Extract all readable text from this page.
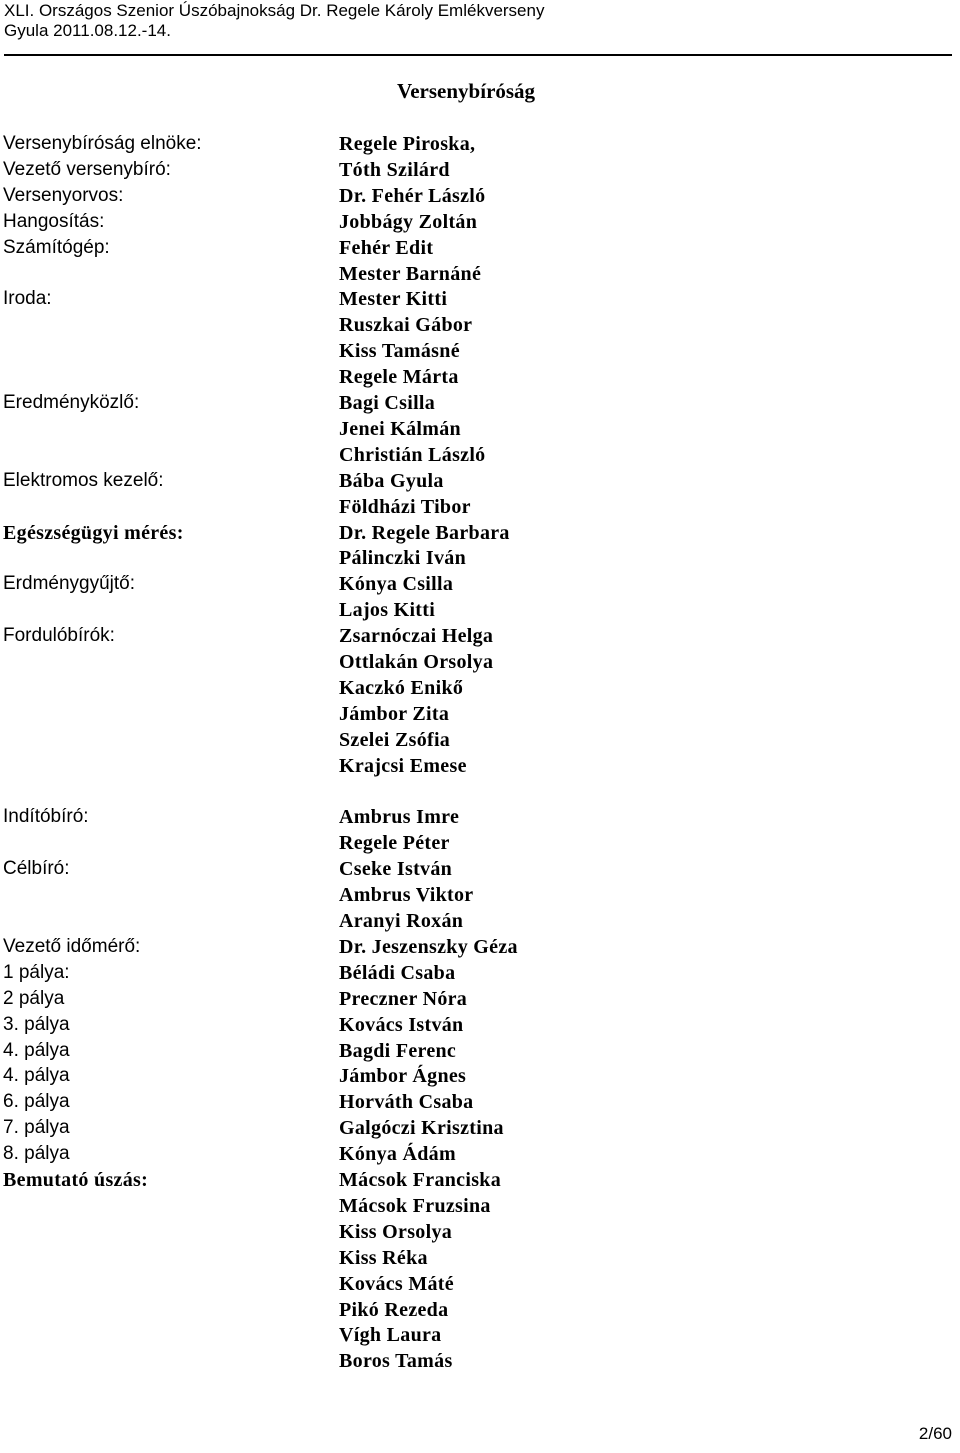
XLI. Országos Szenior Úszóbajnokság Dr. Regele Károly Emlékverseny
Gyula 2011.08.12.-14.
Versenybíróság
Versenybíróság elnöke:
Vezető versenybíró:
Versenyorvos:
Hangosítás:
Számítógép:
Iroda:
Eredményközlő:
Elektromos kezelő:
Egészségügyi mérés:
Erdménygyűjtő:
Fordulóbírók:
Indítóbíró:
Célbíró:
Vezető időmérő:
1 pálya:
2 pálya
3. pálya
4. pálya
4. pálya
6. pálya
7. pálya
8. pálya
Bemutató úszás:
Regele Piroska,
Tóth Szilárd
Dr. Fehér László
Jobbágy Zoltán
Fehér Edit
Mester Barnáné
Mester Kitti
Ruszkai Gábor
Kiss Tamásné
Regele Márta
Bagi Csilla
Jenei Kálmán
Christián László
Bába Gyula
Földházi Tibor
Dr. Regele Barbara
Pálinczki Iván
Kónya Csilla
Lajos Kitti
Zsarnóczai Helga
Ottlakán Orsolya
Kaczkó Enikő
Jámbor Zita
Szelei Zsófia
Krajcsi Emese
Ambrus Imre
Regele Péter
Cseke István
Ambrus Viktor
Aranyi Roxán
Dr. Jeszenszky Géza
Béládi Csaba
Preczner Nóra
Kovács István
Bagdi Ferenc
Jámbor Ágnes
Horváth Csaba
Galgóczi Krisztina
Kónya Ádám
Mácsok Franciska
Mácsok Fruzsina
Kiss Orsolya
Kiss Réka
Kovács Máté
Pikó Rezeda
Vígh Laura
Boros Tamás
2/60
